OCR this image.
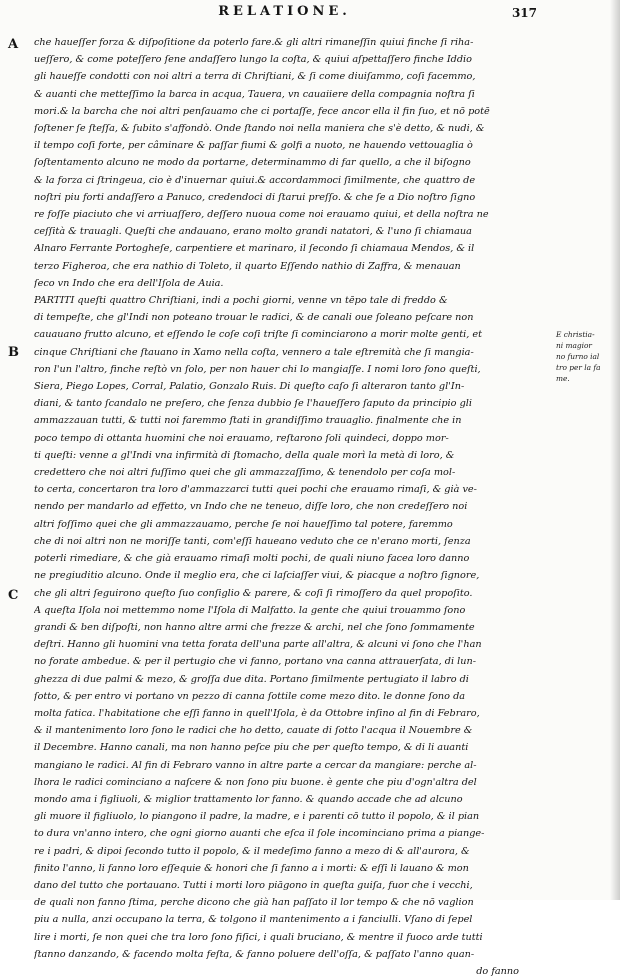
RELATIONE.	317
A
B
C
che haueſſer forza & diſpoſitione da poterlo fare.& gli altri rimaneſſin quiui finche ſi riha-
ueſſero, & come poteſſero ſene andaſſero lungo la coſta, & quiui aſpettaſſero finche Iddio
gli haueſſe condotti con noi altri a terra di Chriſtiani, & ſi come diuiſammo, coſi facemmo,
& auanti che metteſſimo la barca in acqua, Tauera, vn cauaiiere della compagnia noſtra ſi
mori.& la barcha che noi altri penſauamo che ci portaſſe, fece ancor ella il fin ſuo, et nō potē
ſoſtener ſe ſteſſa, & ſubito s'affondò. Onde ſtando noi nella maniera che s'è detto, & nudi, &
il tempo coſi forte, per câminare & paſſar fiumi & golfi a nuoto, ne hauendo vettouaglia ò
ſoſtentamento alcuno ne modo da portarne, determinammo di far quello, a che il biſogno
& la forza ci ſtringeua, cio è d'inuernar quiui.& accordammoci ſimilmente, che quattro de
noſtri piu forti andaſſero a Panuco, credendoci di ſtarui preſſo. & che ſe a Dio noſtro ſigno
re foſſe piaciuto che vi arriuaſſero, deſſero nuoua come noi erauamo quiui, et della noſtra ne
ceſſità & trauagli. Queſti che andauano, erano molto grandi natatori, & l'uno ſi chiamaua
Alnaro Ferrante Portogheſe, carpentiere et marinaro, il ſecondo ſi chiamaua Mendos, & il
terzo Figheroa, che era nathio di Toleto, il quarto Eſſendo nathio di Zaffra, & menauan
ſeco vn Indo che era dell'Iſola de Auia.
PARTITI queſti quattro Chriſtiani, indi a pochi giorni, venne vn tēpo tale di freddo &
di tempeſte, che gl'Indi non poteano trouar le radici, & de canali oue ſoleano peſcare non
cauauano frutto alcuno, et eſſendo le coſe coſi triſte ſi cominciarono a morir molte genti, et
cinque Chriſtiani che ſtauano in Xamo nella coſta, vennero a tale eſtremità che ſi mangia-
ron l'un l'altro, finche reſtò vn ſolo, per non hauer chi lo mangiaſſe. I nomi loro ſono queſti,
Siera, Piego Lopes, Corral, Palatio, Gonzalo Ruis. Di queſto caſo ſi alteraron tanto gl'In-
diani, & tanto ſcandalo ne preſero, che ſenza dubbio ſe l'haueſſero ſaputo da principio gli
ammazzauan tutti, & tutti noi faremmo ſtati in grandiſſimo trauaglio. finalmente che in
poco tempo di ottanta huomini che noi erauamo, reſtarono ſoli quindeci, doppo mor-
ti queſti: venne a gl'Indi vna infirmità di ſtomacho, della quale morì la metà di loro, &
credettero che noi altri fuſſimo quei che gli ammazzaſſimo, & tenendolo per coſa mol-
to certa, concertaron tra loro d'ammazzarci tutti quei pochi che erauamo rimaſi, & già ve-
nendo per mandarlo ad effetto, vn Indo che ne teneuo, diſſe loro, che non credeſſero noi
altri foſſimo quei che gli ammazzauamo, perche ſe noi haueſſimo tal potere, faremmo
che di noi altri non ne moriſſe tanti, com'eſſi haueano veduto che ce n'erano morti, ſenza
poterli rimediare, & che già erauamo rimaſi molti pochi, de quali niuno facea loro danno
ne pregiuditio alcuno. Onde il meglio era, che ci laſciaſſer viui, & piacque a noſtro ſignore,
che gli altri ſeguirono queſto ſuo conſiglio & parere, & coſi ſi rimoſſero da quel propoſito.
A queſta Iſola noi mettemmo nome l'Iſola di Malfatto. la gente che quiui trouammo ſono
grandi & ben diſpoſti, non hanno altre armi che frezze & archi, nel che ſono ſommamente
deſtri. Hanno gli huomini vna tetta forata dell'una parte all'altra, & alcuni vi ſono che l'han
no forate ambedue. & per il pertugio che vi fanno, portano vna canna attrauerſata, di lun-
ghezza di due palmi & mezo, & groſſa due dita. Portano ſimilmente pertugiato il labro di
ſotto, & per entro vi portano vn pezzo di canna ſottile come mezo dito. le donne ſono da
molta fatica. l'habitatione che eſſi fanno in quell'Iſola, è da Ottobre inſino al fin di Febraro,
& il mantenimento loro ſono le radici che ho detto, cauate di ſotto l'acqua il Nouembre &
il Decembre. Hanno canali, ma non hanno peſce piu che per queſto tempo, & di li auanti
mangiano le radici. Al fin di Febraro vanno in altre parte a cercar da mangiare: perche al-
lhora le radici cominciano a naſcere & non ſono piu buone. è gente che piu d'ogn'altra del
mondo ama i figliuoli, & miglior trattamento lor fanno. & quando accade che ad alcuno
gli muore il figliuolo, lo piangono il padre, la madre, e i parenti cō tutto il popolo, & il pian
to dura vn'anno intero, che ogni giorno auanti che eſca il ſole incominciano prima a piange-
re i padri, & dipoi ſecondo tutto il popolo, & il medeſimo fanno a mezo di & all'aurora, &
finito l'anno, li fanno loro eſſequie & honori che ſi fanno a i morti: & eſſi li lauano & mon
dano del tutto che portauano. Tutti i morti loro piāgono in queſta guiſa, fuor che i vecchi,
de quali non fanno ſtima, perche dicono che già han paſſato il lor tempo & che nō vaglion
piu a nulla, anzi occupano la terra, & tolgono il mantenimento a i fanciulli. Vſano di ſepel
lire i morti, ſe non quei che tra loro ſono fiſici, i quali bruciano, & mentre il fuoco arde tutti
ſtanno danzando, & facendo molta feſta, & fanno poluere dell'oſſa, & paſſato l'anno quan-
do fanno
E christia-
ni magior
no furno ial
tro per la fa
me.
